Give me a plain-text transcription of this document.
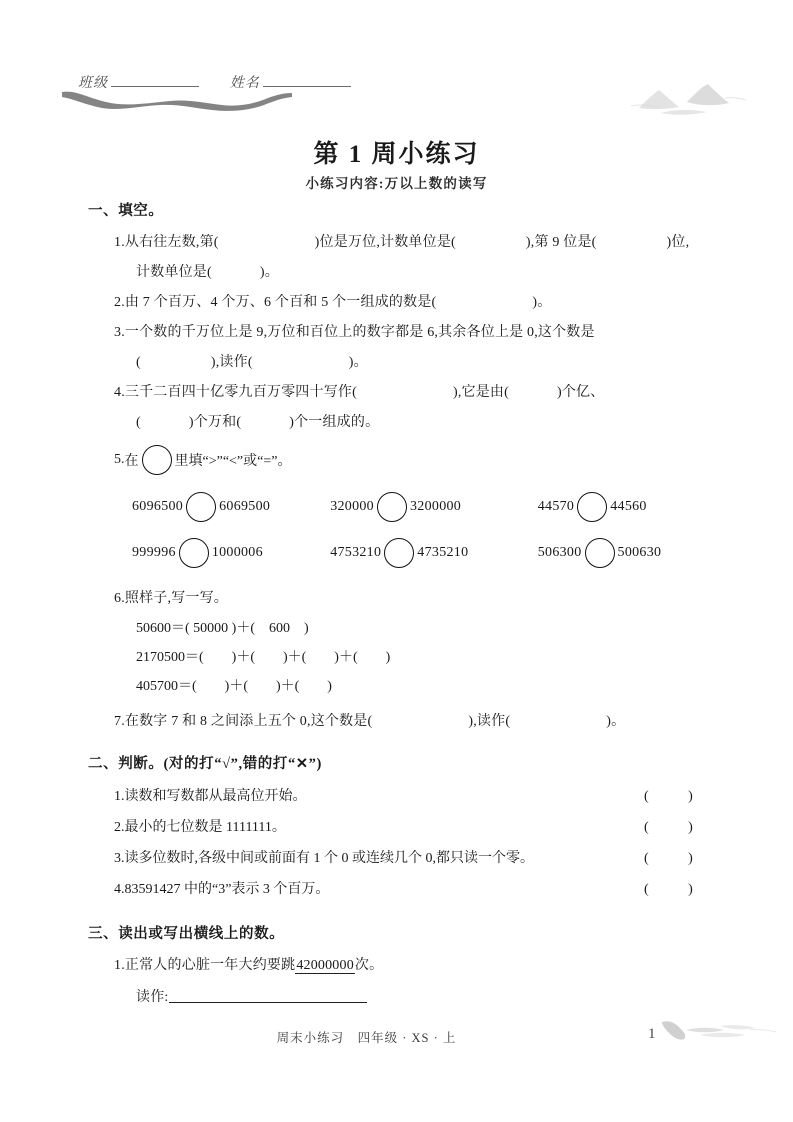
班级	姓名
第 1 周小练习
小练习内容:万以上数的读写
一、填空。
1.从右往左数,第(	)位是万位,计数单位是(	),第 9 位是(	)位,
计数单位是(	)。
2.由 7 个百万、4 个万、6 个百和 5 个一组成的数是(	)。
3.一个数的千万位上是 9,万位和百位上的数字都是 6,其余各位上是 0,这个数是
(	),读作(	)。
4.三千二百四十亿零九百万零四十写作(	),它是由(	)个亿、
(	)个万和(	)个一组成的。
5. 在	里填“>”“<”或“=”。
6096500	6069500	320000	3200000	44570	44560
999996	1000006	4753210	4735210	506300	500630
6.照样子,写一写。
50600＝( 50000 )＋(　600　)
2170500＝(　　)＋(　　)＋(　　)＋(　　)
405700＝(　　)＋(　　)＋(　　)
7.在数字 7 和 8 之间添上五个 0,这个数是(	),读作(	)。
二、判断。(对的打“√”,错的打“✕”)
1.读数和写数都从最高位开始。	( )
2.最小的七位数是 1111111。	( )
3.读多位数时,各级中间或前面有 1 个 0 或连续几个 0,都只读一个零。	( )
4.83591427 中的“3”表示 3 个百万。	( )
三、读出或写出横线上的数。
1.正常人的心脏一年大约要跳42000000次。
读作:
周末小练习　四年级 · XS · 上	1
